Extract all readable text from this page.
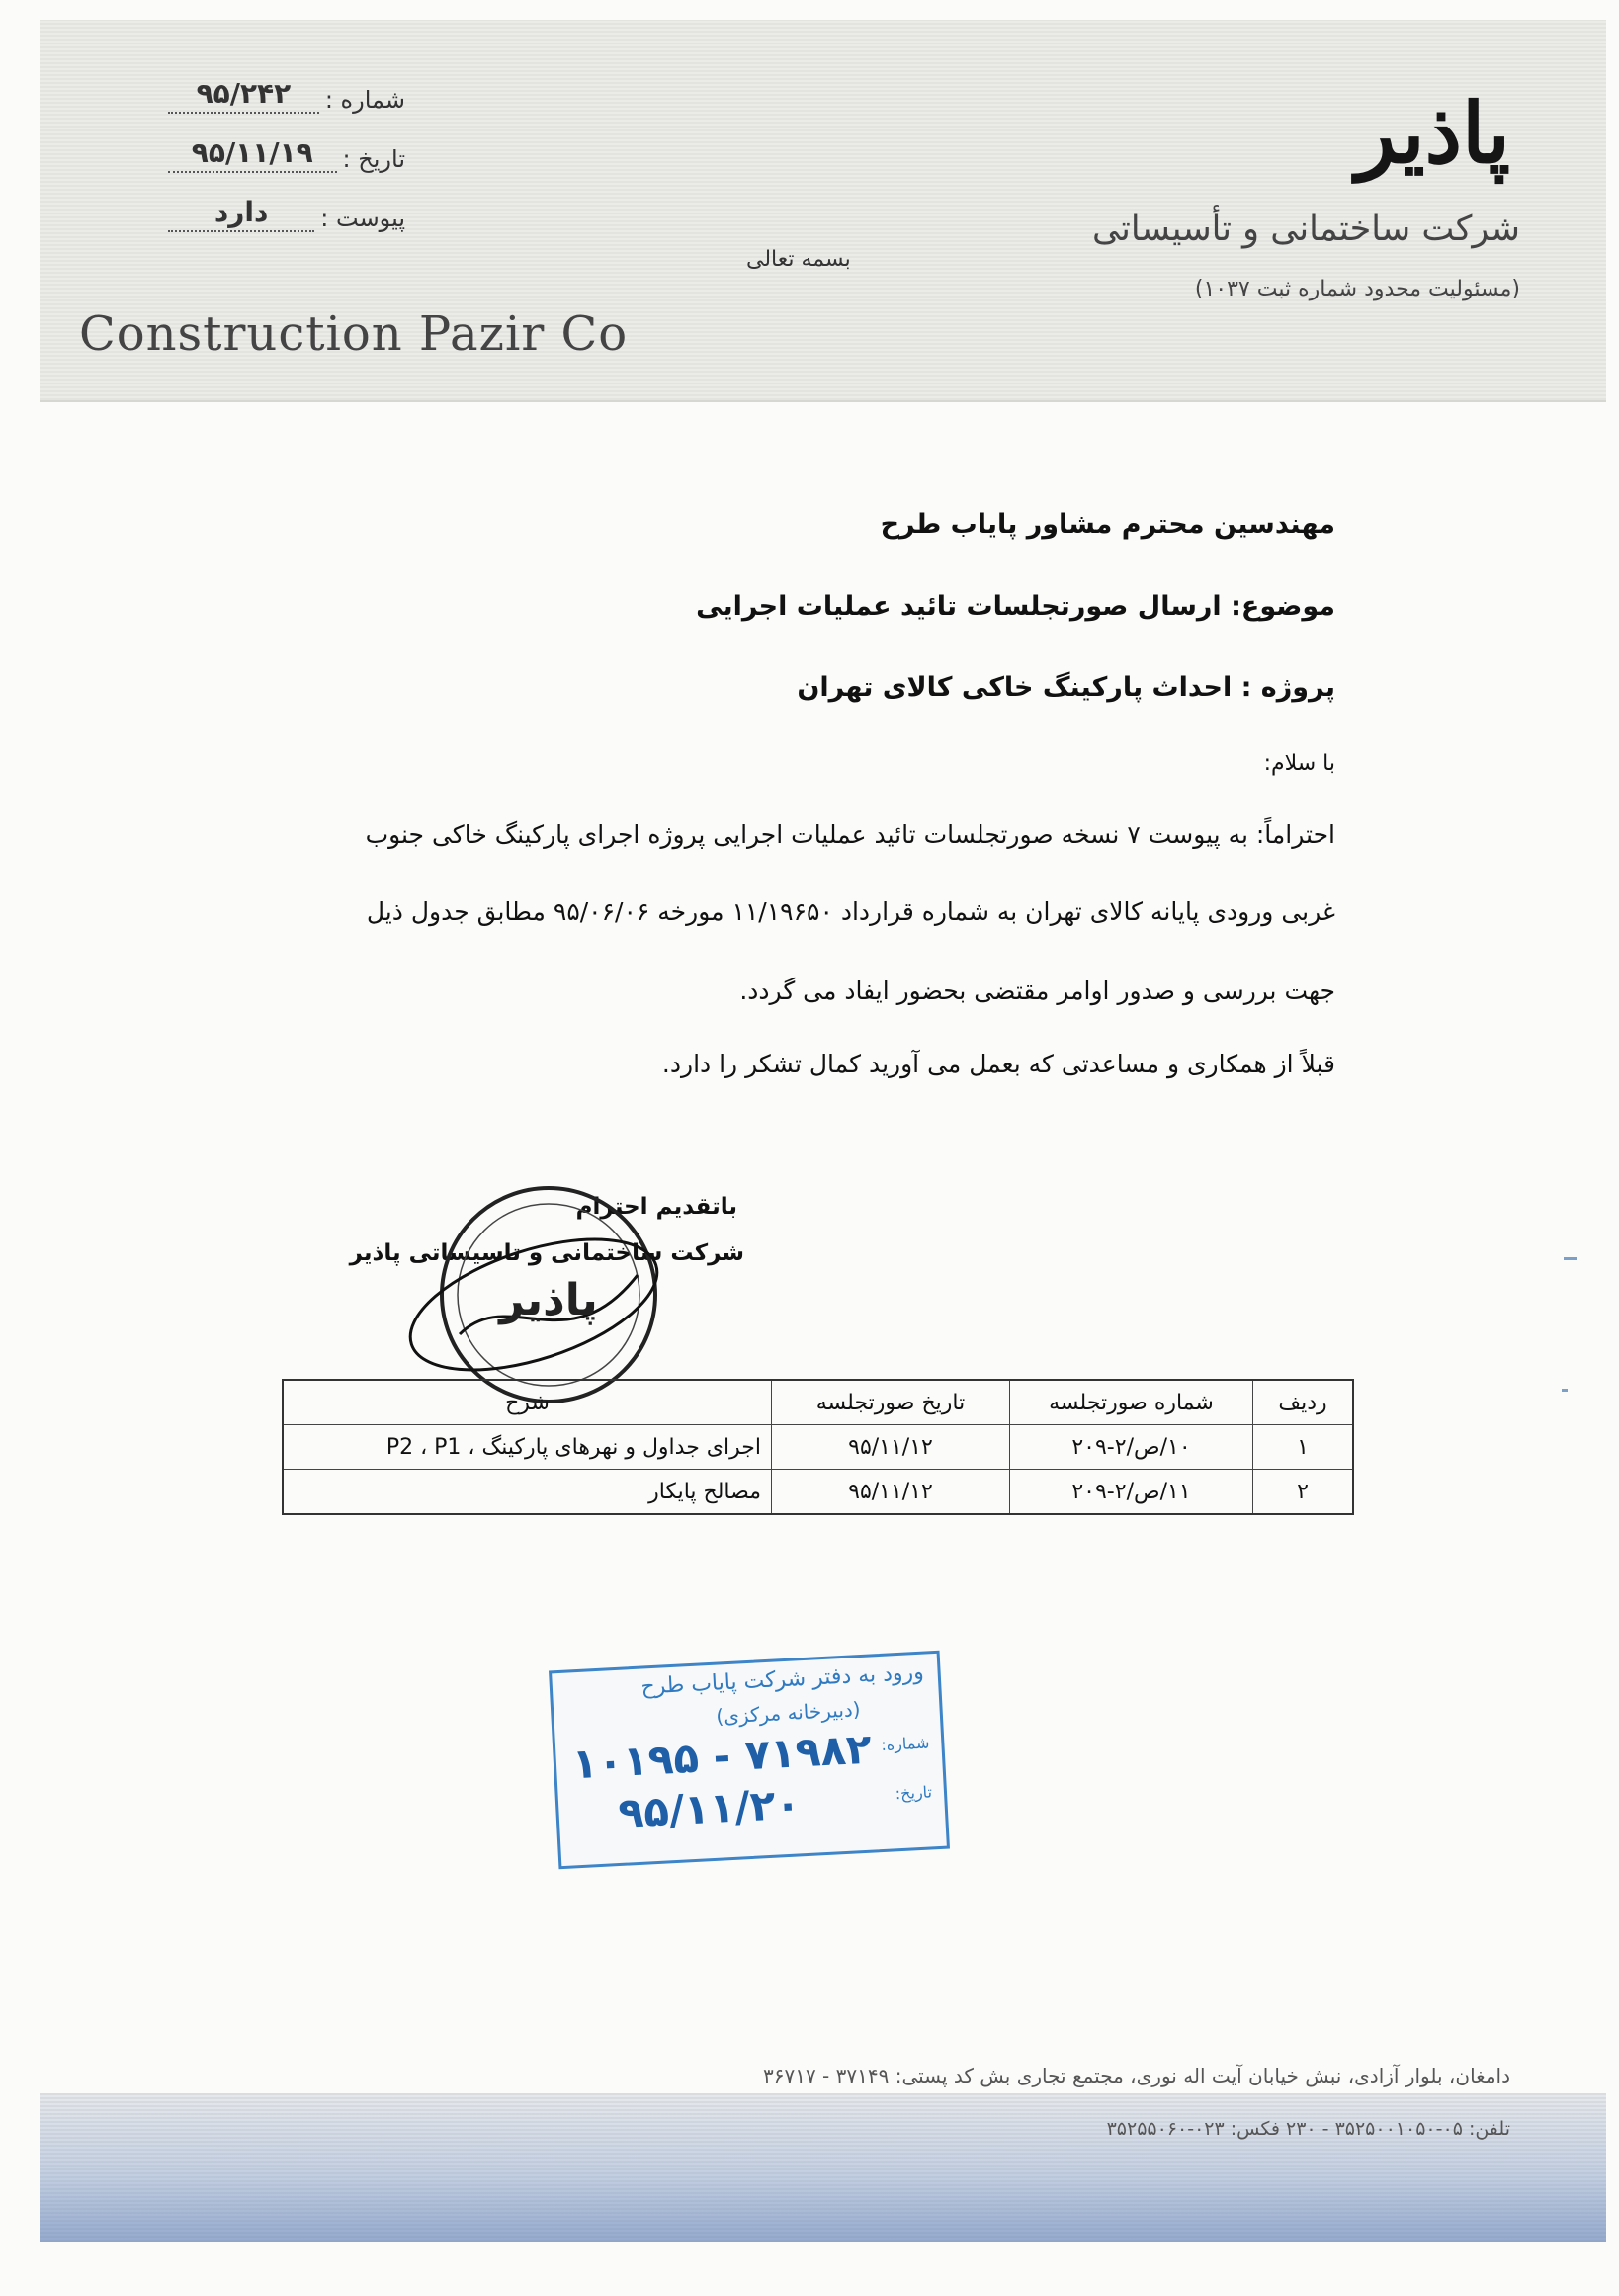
پاذیر
شرکت ساختمانی و تأسیساتی
(مسئولیت محدود شماره ثبت ۱۰۳۷)
شماره :
۹۵/۲۴۲
تاریخ :
۹۵/۱۱/۱۹
پیوست :
دارد
بسمه تعالی
Construction Pazir Co
مهندسین محترم مشاور پایاب طرح
موضوع: ارسال صورتجلسات تائید عملیات اجرایی
پروژه : احداث پارکینگ خاکی کالای تهران
با سلام:
احتراماً: به پیوست ۷ نسخه صورتجلسات تائید عملیات اجرایی پروژه اجرای پارکینگ خاکی جنوب
غربی ورودی پایانه کالای تهران به شماره قرارداد ۱۱/۱۹۶۵۰ مورخه ۹۵/۰۶/۰۶ مطابق جدول ذیل
جهت بررسی و صدور اوامر مقتضی بحضور ایفاد می گردد.
قبلاً از همکاری و مساعدتی که بعمل می آورید کمال تشکر را دارد.
باتقدیم احترام
شرکت ساختمانی و تاسیساتی پاذیر
پاذیر
ردیف	شماره صورتجلسه	تاریخ صورتجلسه	شرح
۱	۱۰/ص/۲-۲۰۹	۹۵/۱۱/۱۲	اجرای جداول و نهرهای پارکینگ ، P2 ، P1
۲	۱۱/ص/۲-۲۰۹	۹۵/۱۱/۱۲	مصالح پایکار
ورود به دفتر شرکت پایاب طرح
(دبیرخانه مرکزی)
شماره:
تاریخ:
۱۰۱۹۵ - ۷۱۹۸۲
۹۵/۱۱/۲۰
دامغان، بلوار آزادی، نبش خیابان آیت اله نوری، مجتمع تجاری بش کد پستی: ۳۷۱۴۹ - ۳۶۷۱۷
تلفن: ۰۵-۳۵۲۵۰۰۱۰۵۰ - ۲۳۰ فکس: ۰۲۳-۳۵۲۵۵۰۶۰
